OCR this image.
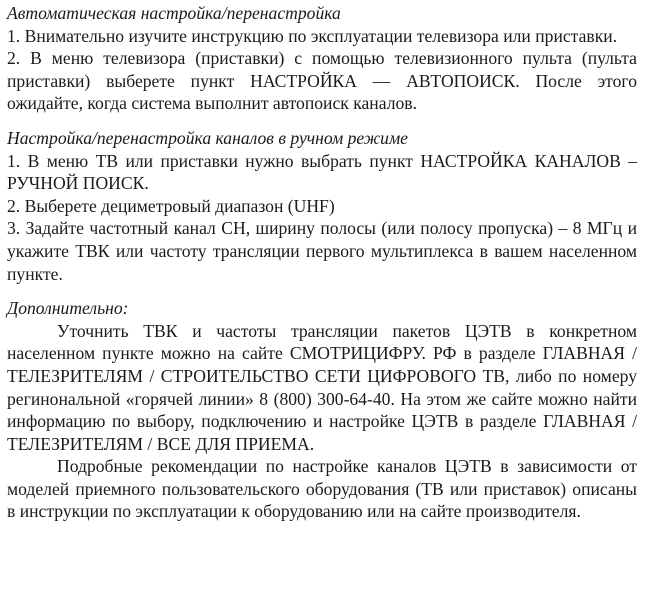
Автоматическая настройка/перенастройка

1. Внимательно изучите инструкцию по эксплуатации телевизора или приставки.

2. В меню телевизора (приставки) с помощью телевизионного пульта (пульта приставки) выберете пункт НАСТРОЙКА — АВТОПОИСК. После этого ожидайте, когда система выполнит автопоиск каналов.

Настройка/перенастройка каналов в ручном режиме

1. В меню ТВ или приставки нужно выбрать пункт НАСТРОЙКА КАНАЛОВ – РУЧНОЙ ПОИСК.

2. Выберете дециметровый диапазон (UHF)

3. Задайте частотный канал СН, ширину полосы (или полосу пропуска) – 8 МГц и укажите ТВК или частоту трансляции первого мультиплекса в вашем населенном пункте.

Дополнительно:

Уточнить ТВК и частоты трансляции пакетов ЦЭТВ в конкретном населенном пункте можно на сайте СМОТРИЦИФРУ. РФ в разделе ГЛАВНАЯ / ТЕЛЕЗРИТЕЛЯМ / СТРОИТЕЛЬСТВО СЕТИ ЦИФРОВОГО ТВ, либо по номеру регинональной «горячей линии» 8 (800) 300-64-40. На этом же сайте можно найти информацию по выбору, подключению и настройке ЦЭТВ в разделе ГЛАВНАЯ / ТЕЛЕЗРИТЕЛЯМ / ВСЕ ДЛЯ ПРИЕМА.

Подробные рекомендации по настройке каналов ЦЭТВ в зависимости от моделей приемного пользовательского оборудования (ТВ или приставок) описаны в инструкции по эксплуатации к оборудованию или на сайте производителя.
